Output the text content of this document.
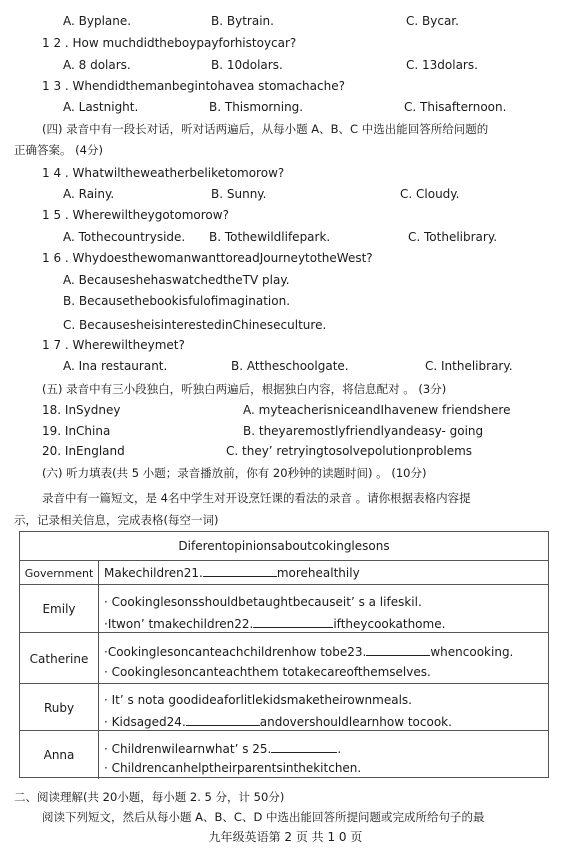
A. Byplane.	B. Bytrain.	C. Bycar.
1 2 . How muchdidtheboypayforhistoycar?
A. 8 dolars.	B. 10dolars.	C. 13dolars.
1 3 . Whendidthemanbegintohavea stomachache?
A. Lastnight.	B. Thismorning.	C. Thisafternoon.
(四) 录音中有一段长对话，听对话两遍后，从每小题 A、B、C 中选出能回答所给问题的
正确答案。 (4分)
1 4 . Whatwiltheweatherbeliketomorow?
A. Rainy.	B. Sunny.	C. Cloudy.
1 5 . Wherewiltheygotomorow?
A. Tothecountryside. B. Tothewildlifepark.	C. Tothelibrary.
1 6 . WhydoesthewomanwanttoreadJourneytotheWest?
A. BecauseshehaswatchedtheTV play.
B. Becausethebookisfulofimagination.
C. BecausesheisinterestedinChineseculture.
1 7 . Wherewiltheymet?
A. Ina restaurant.	B. Attheschoolgate.	C. Inthelibrary.
(五) 录音中有三小段独白，听独白两遍后，根据独白内容，将信息配对 。 (3分)
18. InSydney	A. myteacherisniceandIhavenew friendshere
19. InChina	B. theyaremostlyfriendlyandeasy- going
20. InEngland	C. they’ retryingtosolvepolutionproblems
(六) 听力填表(共 5 小题；录音播放前，你有 20秒钟的读题时间) 。 (10分)
录音中有一篇短文，是 4名中学生对开设烹饪课的看法的录音 。请你根据表格内容提
示，记录相关信息，完成表格(每空一词)
Diferentopinionsaboutcokinglesons
Government Makechildren21.	morehealthily
Emily	· Cookinglesonsshouldbetaughtbecauseit’ s a lifeskil.
·Itwon’ tmakechildren22.	iftheycookathome.
Catherine	·Cookinglesoncanteachchildrenhow tobe23.	whencooking.
· Cookinglesoncanteachthem totakecareofthemselves.
Ruby
· It’ s nota goodideaforlitlekidsmaketheirownmeals.
· Kidsaged24.	andovershouldlearnhow tocook.
Anna	· Childrenwilearnwhat’ s 25.	.
· Childrencanhelptheirparentsinthekitchen.
二、阅读理解(共 20小题，每小题 2. 5 分，计 50分)
阅读下列短文，然后从每小题 A、B、C、D 中选出能回答所提问题或完成所给句子的最
九年级英语第 2 页 共 1 0 页
